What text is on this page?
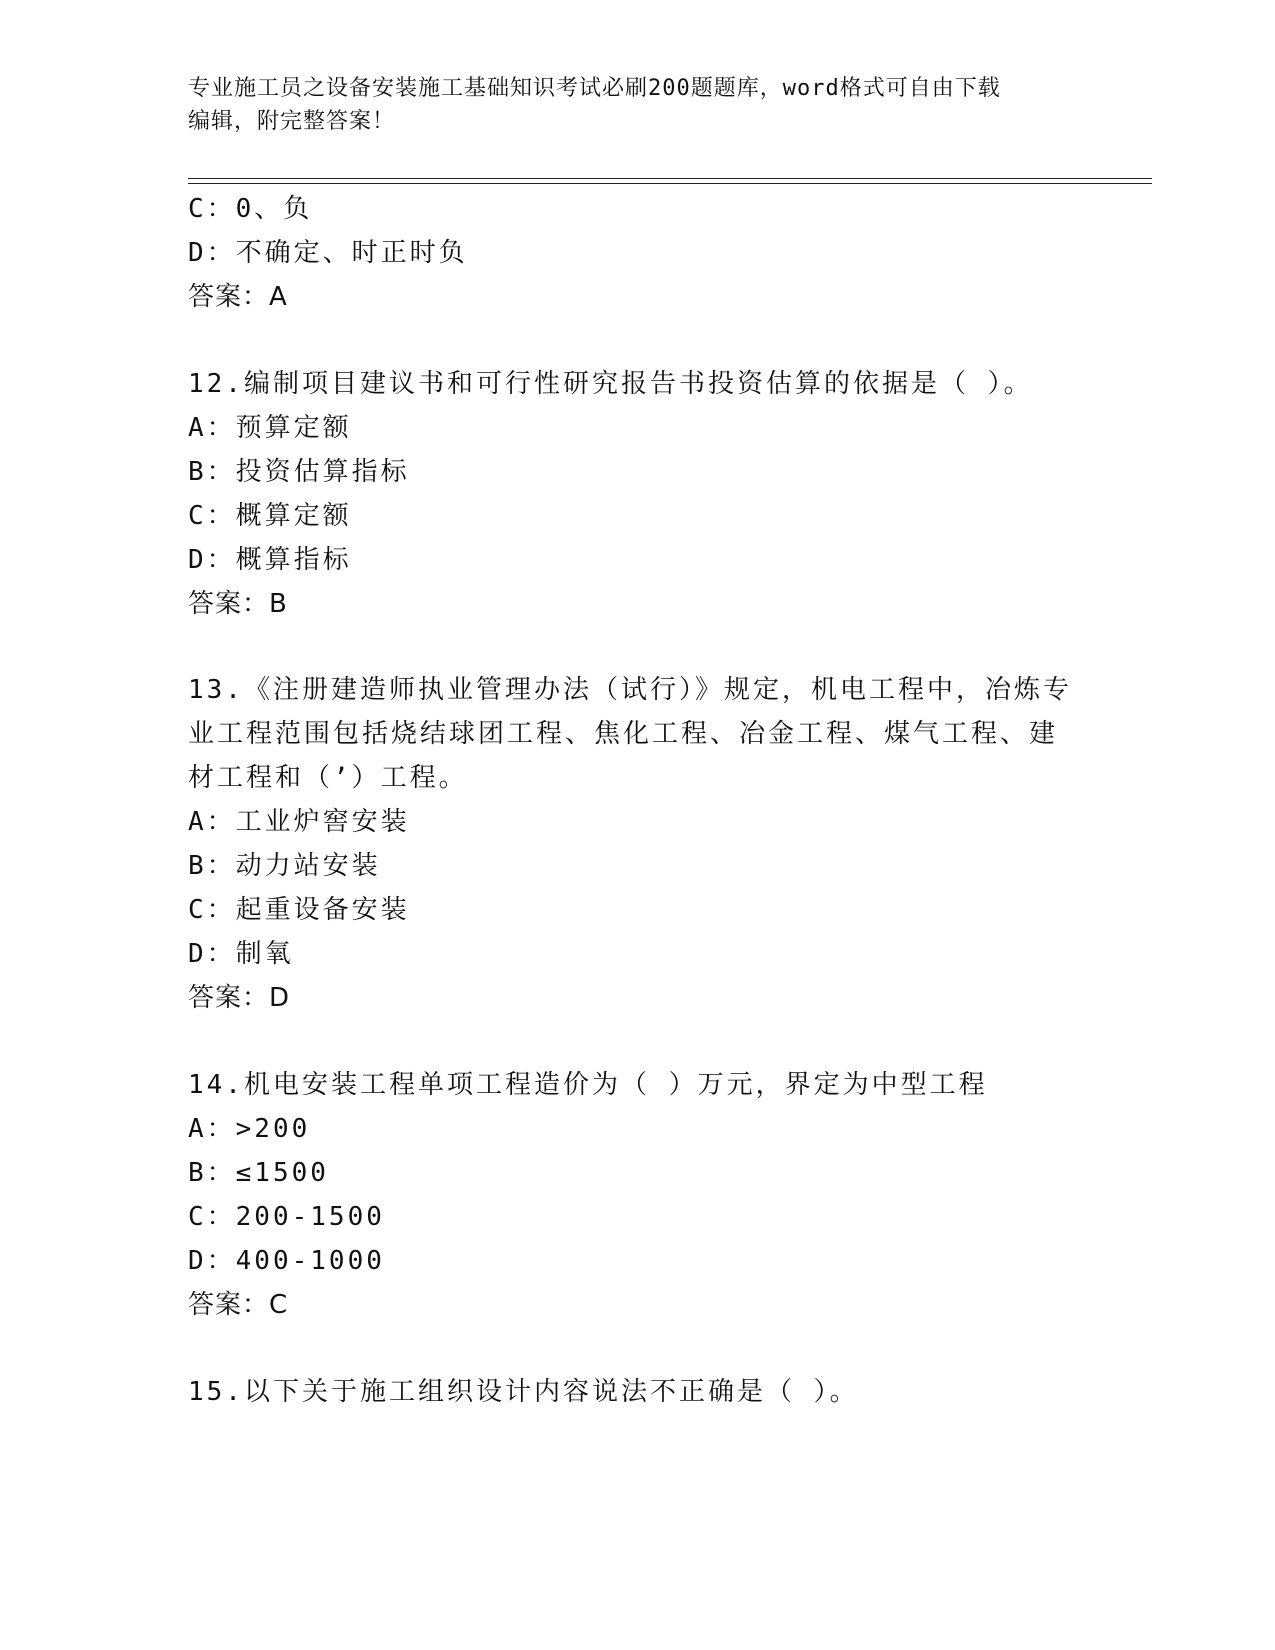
专业施工员之设备安装施工基础知识考试必刷200题题库，word格式可自由下载

编辑，附完整答案！

C：0、负
D：不确定、时正时负
答案：A
12.编制项目建议书和可行性研究报告书投资估算的依据是（ ）。
A：预算定额
B：投资估算指标
C：概算定额
D：概算指标
答案：B
13.《注册建造师执业管理办法（试行）》规定，机电工程中，冶炼专
业工程范围包括烧结球团工程、焦化工程、冶金工程、煤气工程、建
材工程和（’）工程。
A：工业炉窖安装
B：动力站安装
C：起重设备安装
D：制氧
答案：D
14.机电安装工程单项工程造价为（ ）万元，界定为中型工程
A：>200
B：≤1500
C：200-1500
D：400-1000
答案：C
15.以下关于施工组织设计内容说法不正确是（ ）。
